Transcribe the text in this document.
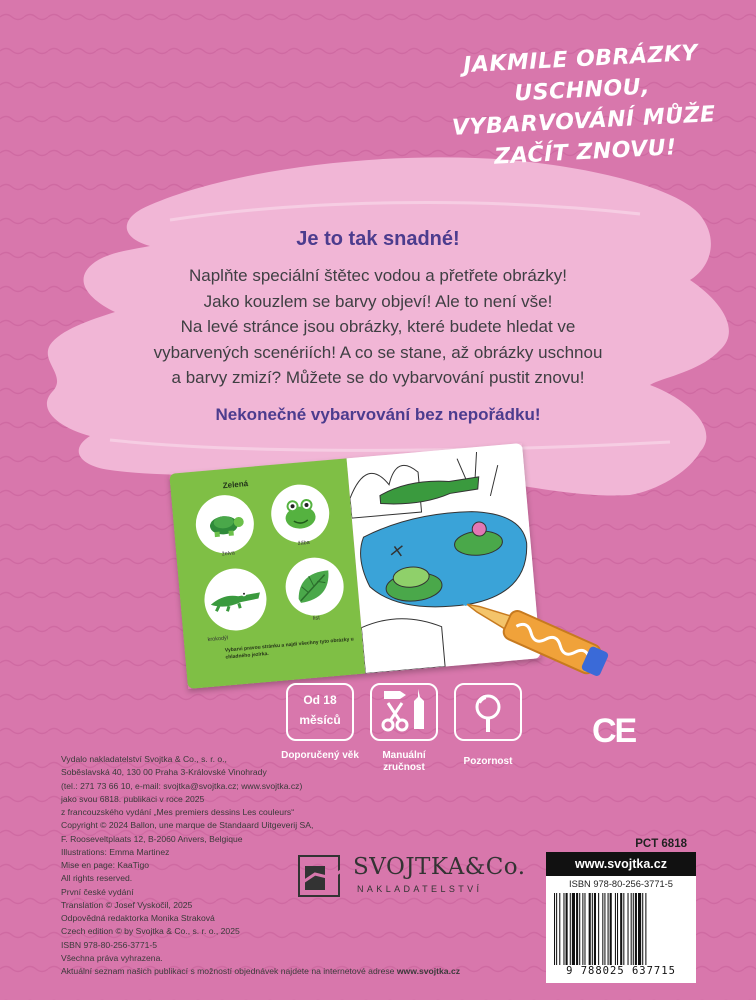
JAKMILE OBRÁZKY
USCHNOU,
VYBARVOVÁNÍ MŮŽE
ZAČÍT ZNOVU!
Je to tak snadné!

Naplňte speciální štětec vodou a přetřete obrázky!
Jako kouzlem se barvy objeví! Ale to není vše!
Na levé stránce jsou obrázky, které budete hledat ve
vybarvených scenériích! A co se stane, až obrázky uschnou
a barvy zmizí? Můžete se do vybarvování pustit znovu!

Nekonečné vybarvování bez nepořádku!
Zelená
želva
žába
krokodýl
list
Vybarvi pravou stránku a najdi všechny tyto obrázky u chladného jezírka.
Od 18
měsíců
Doporučený věk	Manuální zručnost
Pozornost
CE
Vydalo nakladatelství Svojtka & Co., s. r. o.,
Soběslavská 40, 130 00 Praha 3-Královské Vinohrady
(tel.: 271 73 66 10, e-mail: svojtka@svojtka.cz; www.svojtka.cz)
jako svou 6818. publikaci v roce 2025
z francouzského vydání „Mes premiers dessins Les couleurs“
Copyright © 2024 Ballon, une marque de Standaard Uitgeverij SA,
F. Rooseveltplaats 12, B-2060 Anvers, Belgique
Illustrations: Emma Martinez
Mise en page: KaaTigo
All rights reserved.
První české vydání
Translation © Josef Vyskočil, 2025
Odpovědná redaktorka Monika Straková
Czech edition © by Svojtka & Co., s. r. o., 2025
ISBN 978-80-256-3771-5
Všechna práva vyhrazena.
Aktuální seznam našich publikací s možností objednávek najdete na internetové adrese www.svojtka.cz
SVOJTKA&Co.
NAKLADATELSTVÍ
PCT 6818
www.svojtka.cz
ISBN 978-80-256-3771-5
9 788025 637715
